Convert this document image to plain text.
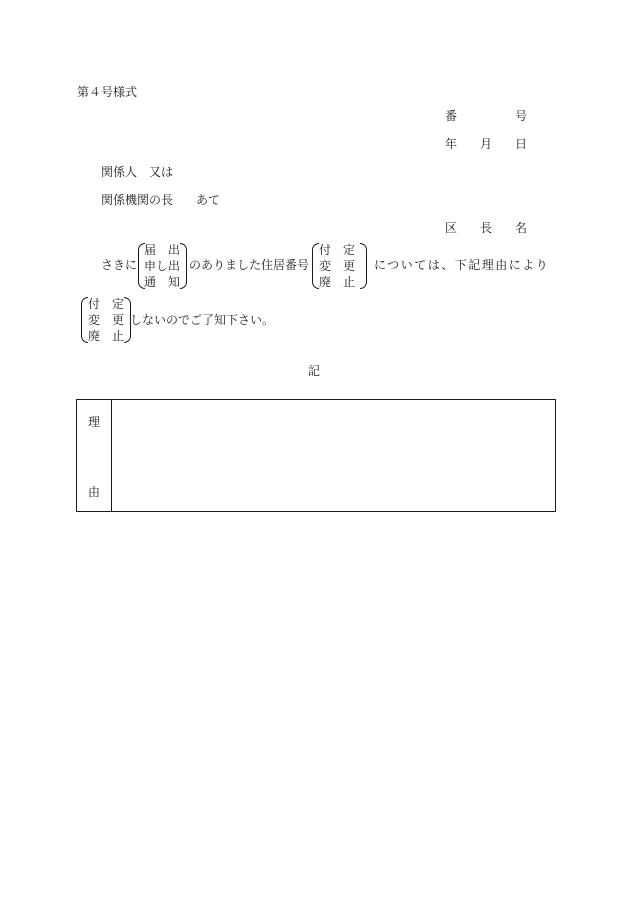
第４号様式
番	号
年 月 日
関係人　又は
関係機関の長 あて
区 長 名
さきに
届 出
申し出
通 知
のありました住居番号
付 定
変 更
廃 止
については、下記理由により
付 定
変 更
廃 止
しないのでご了知下さい。
記
理
由
